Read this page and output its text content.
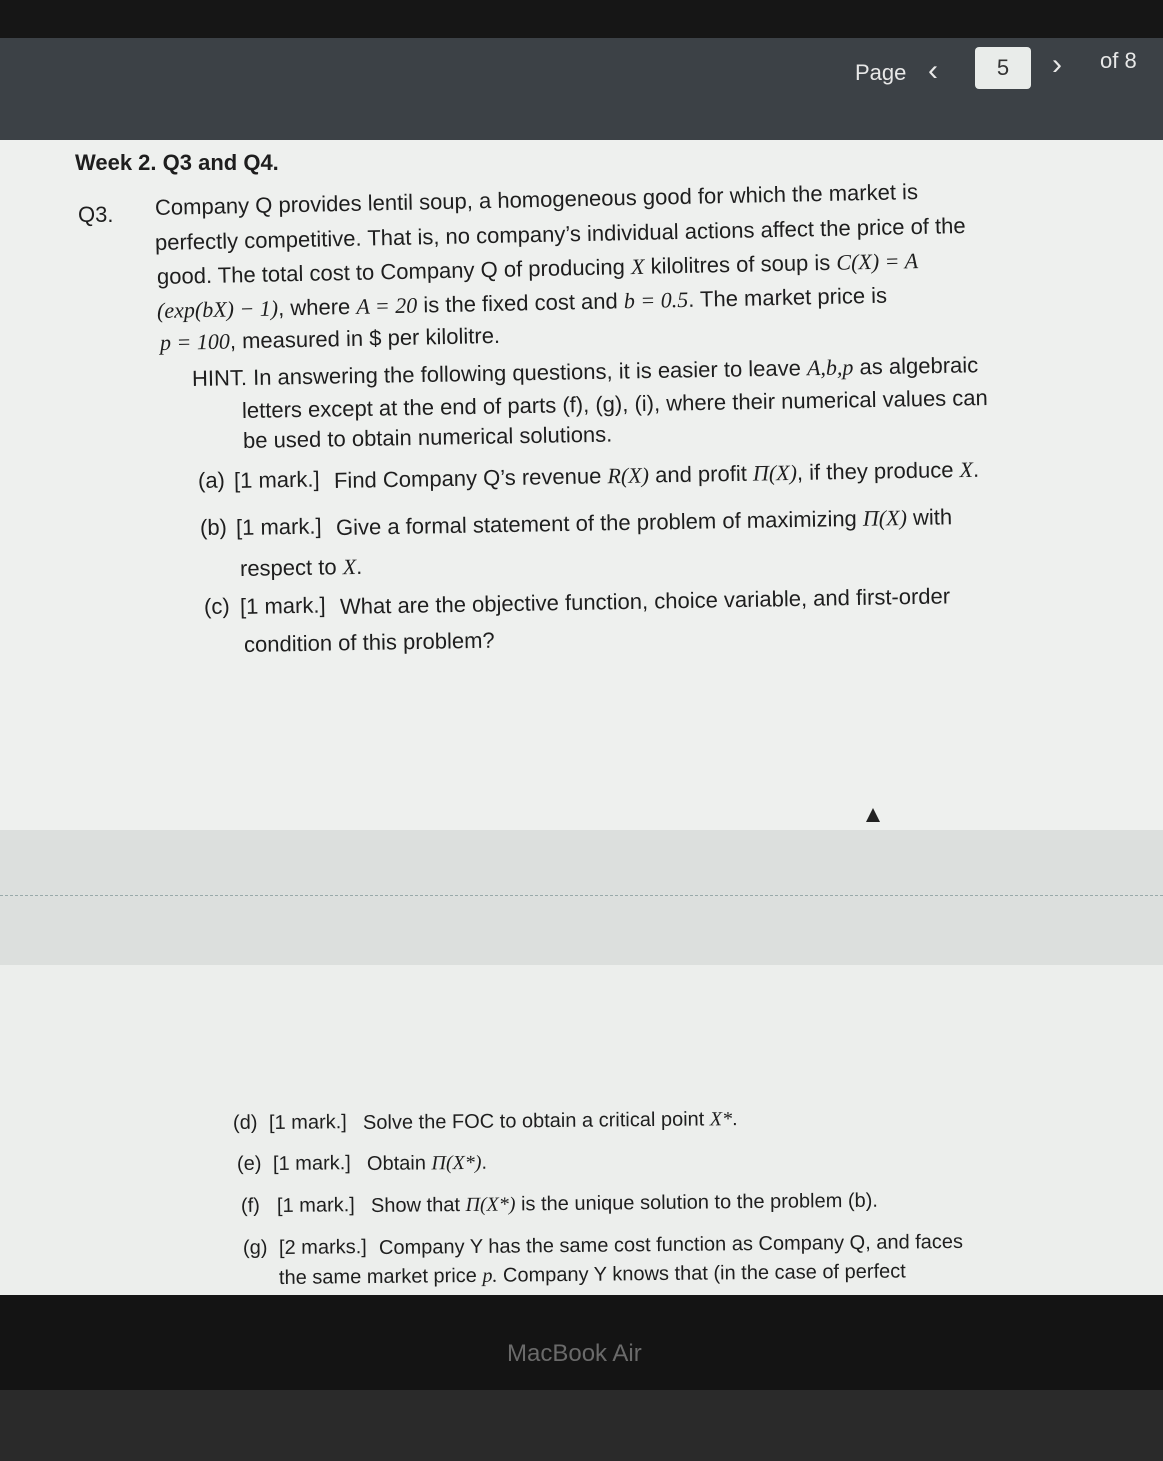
Page ‹
5	› of 8
MacBook Air
Week 2. Q3 and Q4.
Q3. Company Q provides lentil soup, a homogeneous good for which the market is
perfectly competitive. That is, no company’s individual actions affect the price of the
good. The total cost to Company Q of producing X kilolitres of soup is C(X) = A
(exp(bX) − 1), where A = 20 is the fixed cost and b = 0.5. The market price is
p = 100, measured in $ per kilolitre.
HINT. In answering the following questions, it is easier to leave A,b,p as algebraic
letters except at the end of parts (f), (g), (i), where their numerical values can
be used to obtain numerical solutions.
(a) [1 mark.] Find Company Q’s revenue R(X) and profit Π(X), if they produce X.
(b) [1 mark.] Give a formal statement of the problem of maximizing Π(X) with
respect to X.
(c) [1 mark.] What are the objective function, choice variable, and first-order
condition of this problem?
(d) [1 mark.] Solve the FOC to obtain a critical point X*.
(e) [1 mark.] Obtain Π(X*).
(f) [1 mark.] Show that Π(X*) is the unique solution to the problem (b).
(g) [2 marks.] Company Y has the same cost function as Company Q, and faces
the same market price p. Company Y knows that (in the case of perfect
